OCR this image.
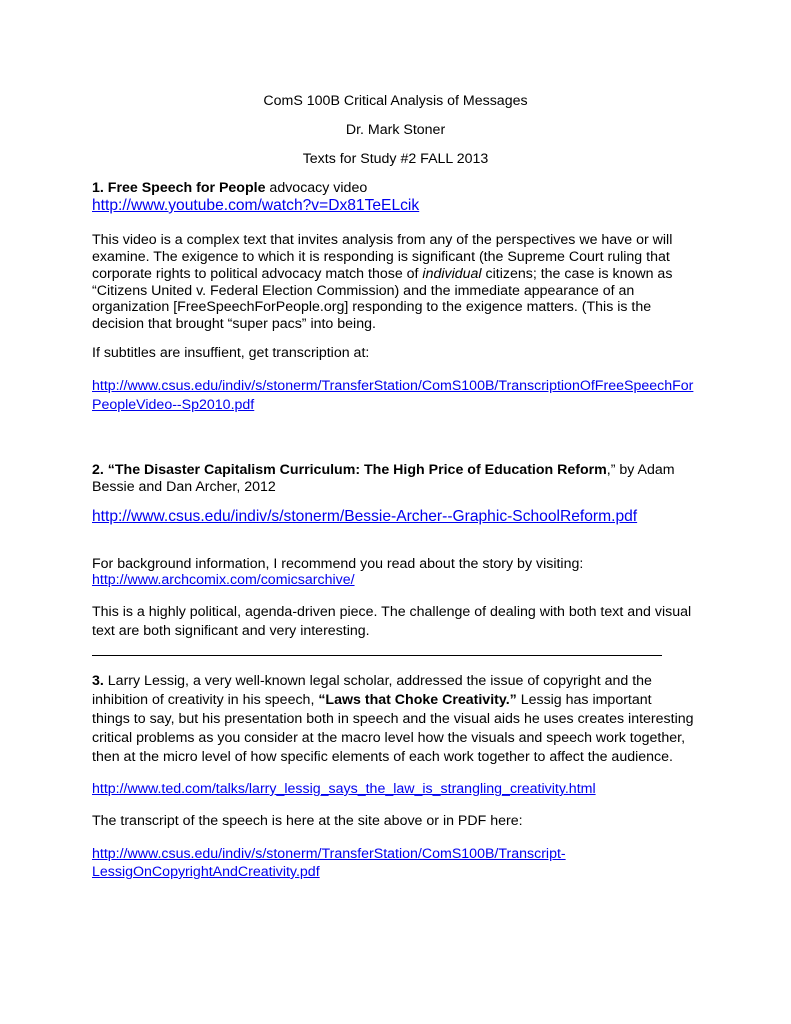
ComS 100B Critical Analysis of Messages
Dr. Mark Stoner
Texts for Study #2 FALL 2013
1. Free Speech for People advocacy video
http://www.youtube.com/watch?v=Dx81TeELcik
This video is a complex text that invites analysis from any of the perspectives we have or will
examine. The exigence to which it is responding is significant (the Supreme Court ruling that
corporate rights to political advocacy match those of individual citizens; the case is known as
“Citizens United v. Federal Election Commission) and the immediate appearance of an
organization [FreeSpeechForPeople.org] responding to the exigence matters. (This is the
decision that brought “super pacs” into being.
If subtitles are insuffient, get transcription at:
http://www.csus.edu/indiv/s/stonerm/TransferStation/ComS100B/TranscriptionOfFreeSpeechFor
PeopleVideo--Sp2010.pdf
2. “The Disaster Capitalism Curriculum: The High Price of Education Reform,” by Adam
Bessie and Dan Archer, 2012
http://www.csus.edu/indiv/s/stonerm/Bessie-Archer--Graphic-SchoolReform.pdf
For background information, I recommend you read about the story by visiting:
http://www.archcomix.com/comicsarchive/
This is a highly political, agenda-driven piece. The challenge of dealing with both text and visual
text are both significant and very interesting.
3. Larry Lessig, a very well-known legal scholar, addressed the issue of copyright and the
inhibition of creativity in his speech, “Laws that Choke Creativity.” Lessig has important
things to say, but his presentation both in speech and the visual aids he uses creates interesting
critical problems as you consider at the macro level how the visuals and speech work together,
then at the micro level of how specific elements of each work together to affect the audience.
http://www.ted.com/talks/larry_lessig_says_the_law_is_strangling_creativity.html
The transcript of the speech is here at the site above or in PDF here:
http://www.csus.edu/indiv/s/stonerm/TransferStation/ComS100B/Transcript-
LessigOnCopyrightAndCreativity.pdf
